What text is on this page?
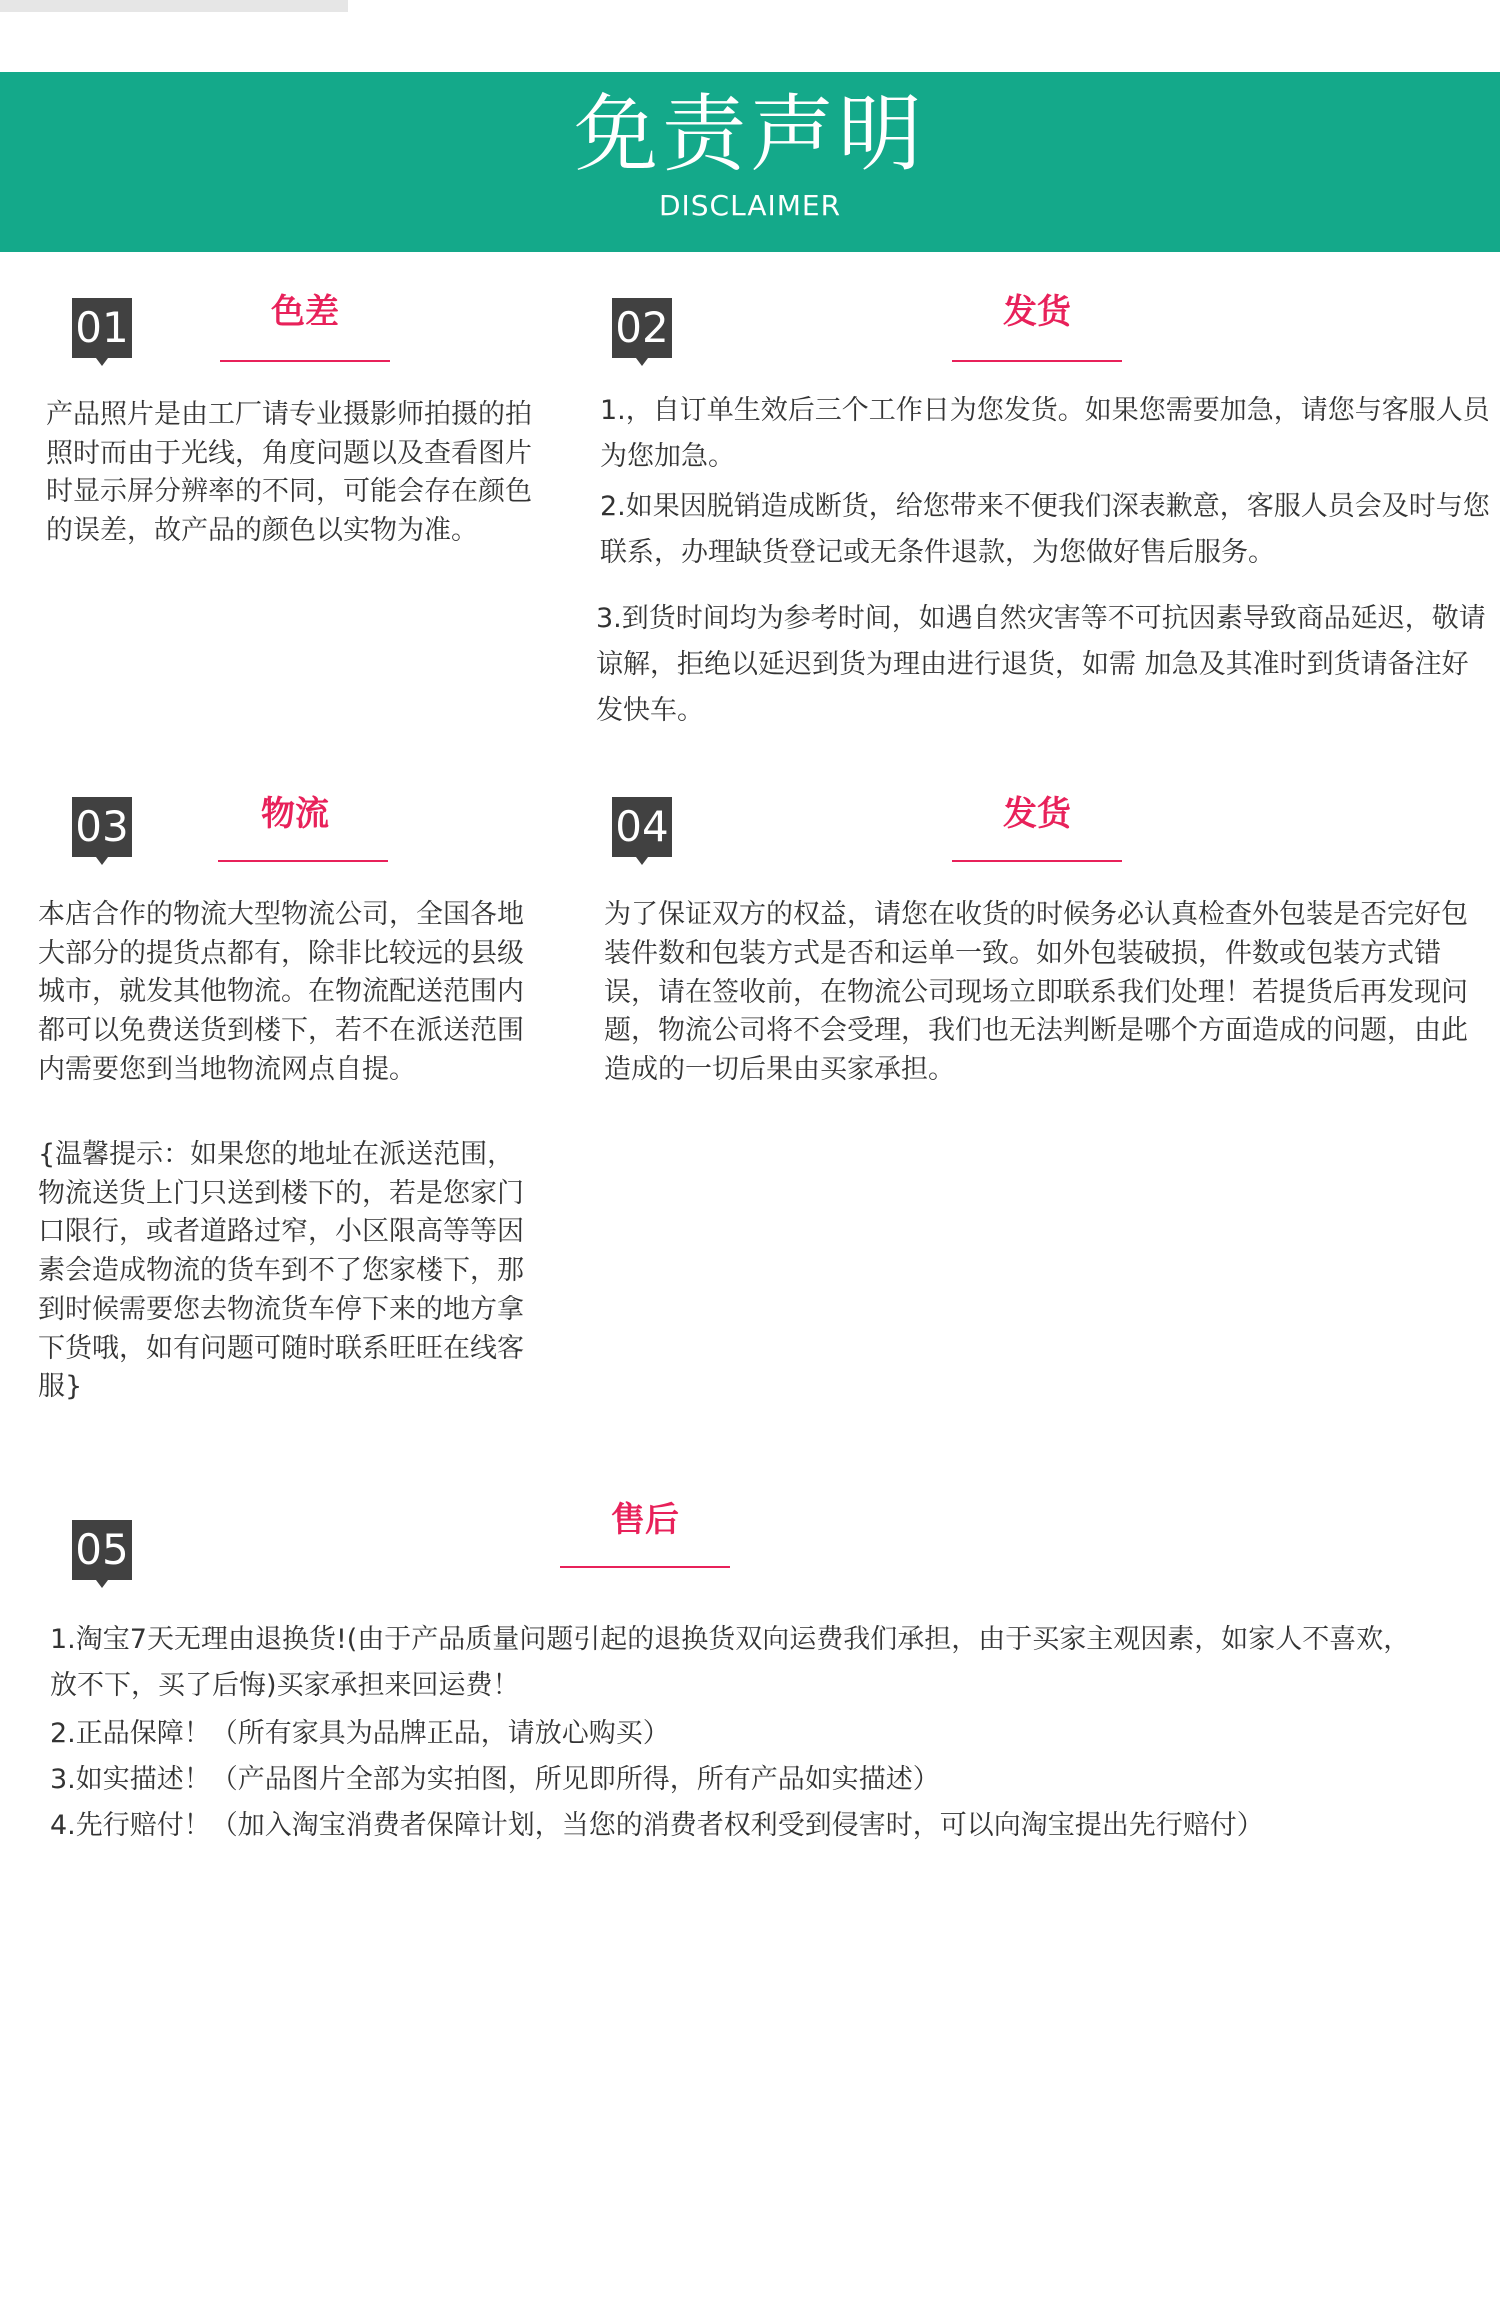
免责声明
DISCLAIMER
01	色差

产品照片是由工厂请专业摄影师拍摄的拍照时而由于光线，角度问题以及查看图片时显示屏分辨率的不同，可能会存在颜色的误差，故产品的颜色以实物为准。

02	发货

1.，自订单生效后三个工作日为您发货。如果您需要加急，请您与客服人员为您加急。

2.如果因脱销造成断货，给您带来不便我们深表歉意，客服人员会及时与您联系，办理缺货登记或无条件退款，为您做好售后服务。

3.到货时间均为参考时间，如遇自然灾害等不可抗因素导致商品延迟，敬请谅解，拒绝以延迟到货为理由进行退货，如需 加急及其准时到货请备注好发快车。

03	物流

本店合作的物流大型物流公司，全国各地大部分的提货点都有，除非比较远的县级城市，就发其他物流。在物流配送范围内都可以免费送货到楼下，若不在派送范围内需要您到当地物流网点自提。

{温馨提示：如果您的地址在派送范围，物流送货上门只送到楼下的，若是您家门口限行，或者道路过窄，小区限高等等因素会造成物流的货车到不了您家楼下，那到时候需要您去物流货车停下来的地方拿下货哦，如有问题可随时联系旺旺在线客服}

04	发货

为了保证双方的权益，请您在收货的时候务必认真检查外包装是否完好包装件数和包装方式是否和运单一致。如外包装破损，件数或包装方式错误，请在签收前，在物流公司现场立即联系我们处理！若提货后再发现问题，物流公司将不会受理，我们也无法判断是哪个方面造成的问题，由此造成的一切后果由买家承担。

05
售后

1.淘宝7天无理由退换货!(由于产品质量问题引起的退换货双向运费我们承担，由于买家主观因素，如家人不喜欢，放不下，买了后悔)买家承担来回运费！

2.正品保障！（所有家具为品牌正品，请放心购买）

3.如实描述！（产品图片全部为实拍图，所见即所得，所有产品如实描述）

4.先行赔付！（加入淘宝消费者保障计划，当您的消费者权利受到侵害时，可以向淘宝提出先行赔付）
